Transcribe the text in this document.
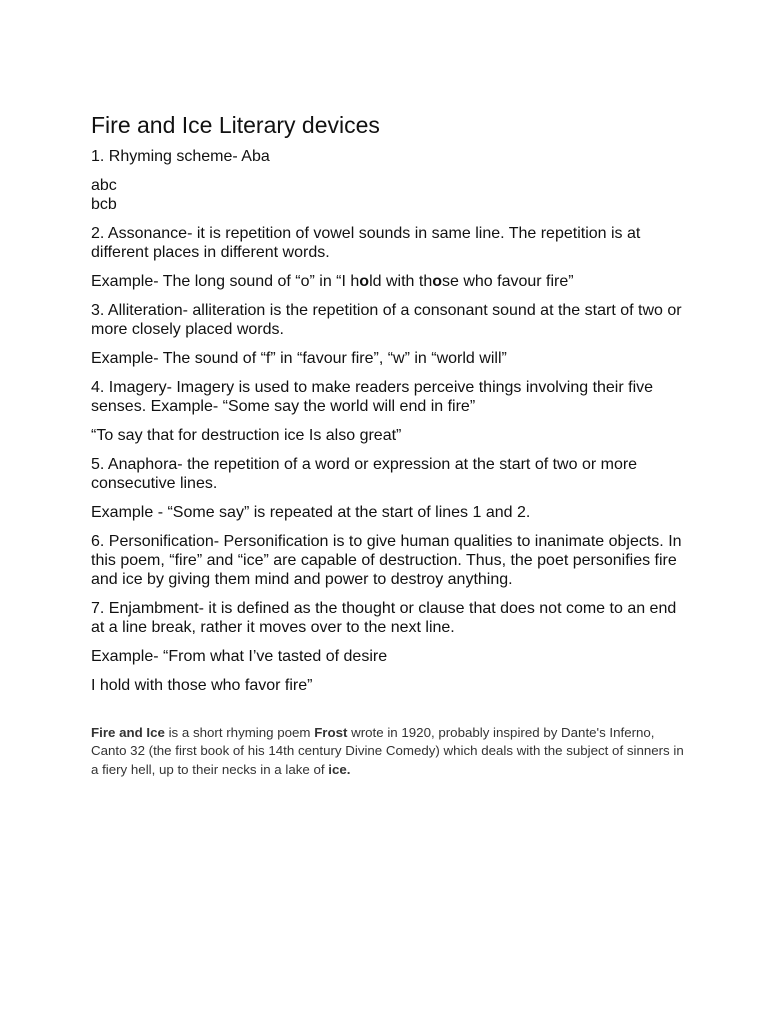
Fire and Ice Literary devices
1. Rhyming scheme- Aba
abc
bcb
2. Assonance- it is repetition of vowel sounds in same line. The repetition is at different places in different words.
Example- The long sound of “o” in “I hold with those who favour fire”
3. Alliteration- alliteration is the repetition of a consonant sound at the start of two or more closely placed words.
Example- The sound of “f” in “favour fire”, “w” in “world will”
4. Imagery- Imagery is used to make readers perceive things involving their five senses. Example- “Some say the world will end in fire”
“To say that for destruction ice Is also great”
5. Anaphora- the repetition of a word or expression at the start of two or more consecutive lines.
Example - “Some say” is repeated at the start of lines 1 and 2.
6. Personification- Personification is to give human qualities to inanimate objects. In this poem, “fire” and “ice” are capable of destruction. Thus, the poet personifies fire and ice by giving them mind and power to destroy anything.
7. Enjambment- it is defined as the thought or clause that does not come to an end at a line break, rather it moves over to the next line.
Example- “From what I’ve tasted of desire
I hold with those who favor fire”
Fire and Ice is a short rhyming poem Frost wrote in 1920, probably inspired by Dante's Inferno, Canto 32 (the first book of his 14th century Divine Comedy) which deals with the subject of sinners in a fiery hell, up to their necks in a lake of ice.
